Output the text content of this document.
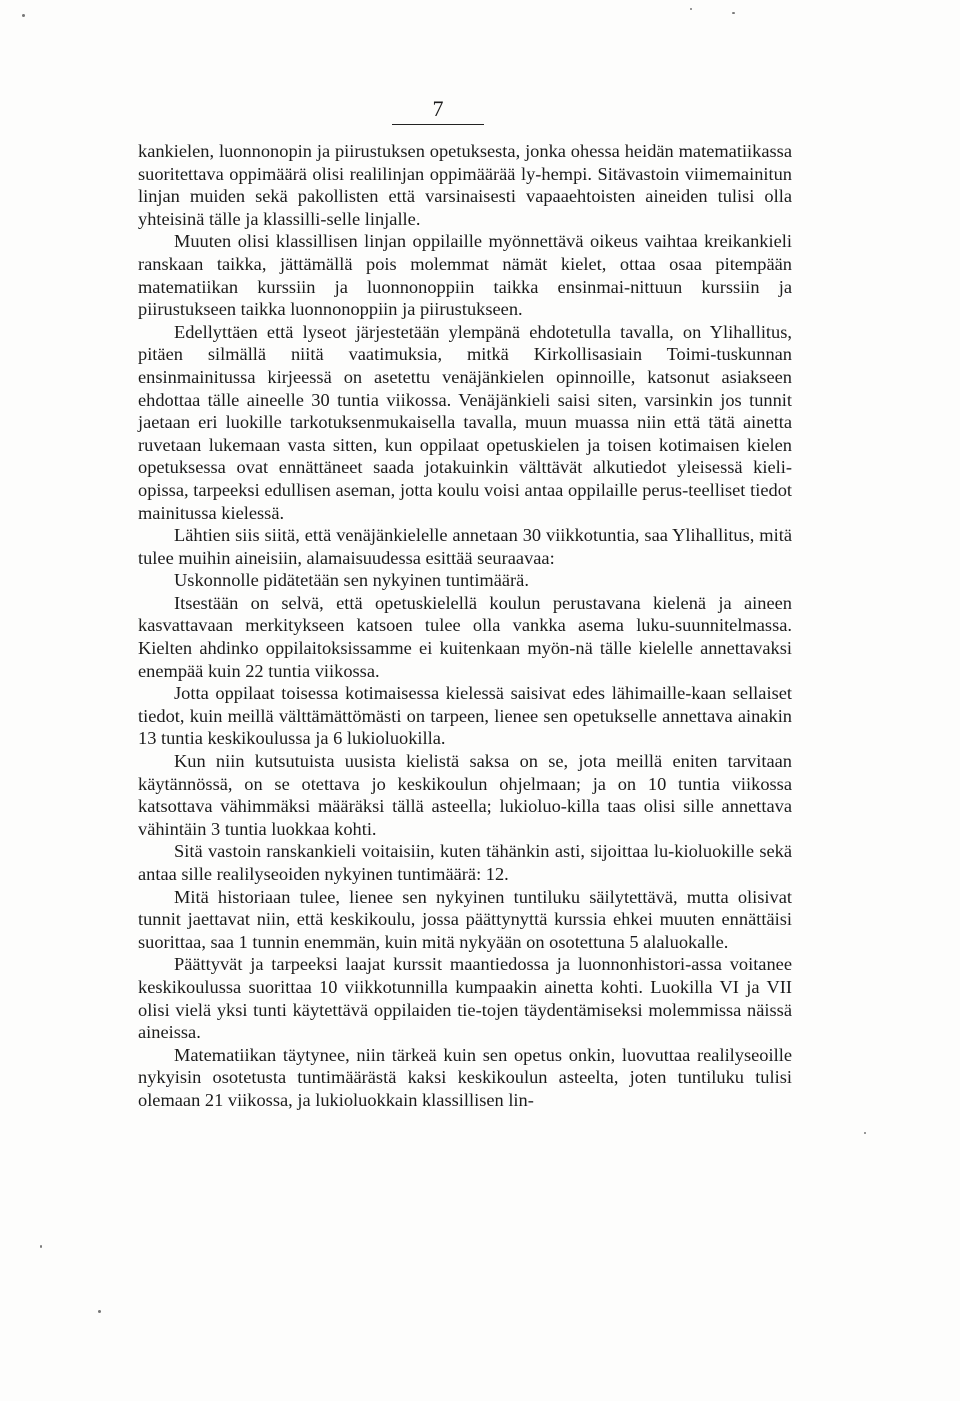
7

kankielen, luonnonopin ja piirustuksen opetuksesta, jonka ohessa heidän matematiikassa suoritettava oppimäärä olisi realilinjan oppimäärää ly-hempi. Sitävastoin viimemainitun linjan muiden sekä pakollisten että varsinaisesti vapaaehtoisten aineiden tulisi olla yhteisinä tälle ja klassilli-selle linjalle.

Muuten olisi klassillisen linjan oppilaille myönnettävä oikeus vaihtaa kreikankieli ranskaan taikka, jättämällä pois molemmat nämät kielet, ottaa osaa pitempään matematiikan kurssiin ja luonnonoppiin taikka ensinmai-nittuun kurssiin ja piirustukseen taikka luonnonoppiin ja piirustukseen.

Edellyttäen että lyseot järjestetään ylempänä ehdotetulla tavalla, on Ylihallitus, pitäen silmällä niitä vaatimuksia, mitkä Kirkollisasiain Toimi-tuskunnan ensinmainitussa kirjeessä on asetettu venäjänkielen opinnoille, katsonut asiakseen ehdottaa tälle aineelle 30 tuntia viikossa. Venäjänkieli saisi siten, varsinkin jos tunnit jaetaan eri luokille tarkotuksenmukaisella tavalla, muun muassa niin että tätä ainetta ruvetaan lukemaan vasta sitten, kun oppilaat opetuskielen ja toisen kotimaisen kielen opetuksessa ovat ennättäneet saada jotakuinkin välttävät alkutiedot yleisessä kieli-opissa, tarpeeksi edullisen aseman, jotta koulu voisi antaa oppilaille perus-teelliset tiedot mainitussa kielessä.

Lähtien siis siitä, että venäjänkielelle annetaan 30 viikkotuntia, saa Ylihallitus, mitä tulee muihin aineisiin, alamaisuudessa esittää seuraavaa:

Uskonnolle pidätetään sen nykyinen tuntimäärä.

Itsestään on selvä, että opetuskielellä koulun perustavana kielenä ja aineen kasvattavaan merkitykseen katsoen tulee olla vankka asema luku-suunnitelmassa. Kielten ahdinko oppilaitoksissamme ei kuitenkaan myön-nä tälle kielelle annettavaksi enempää kuin 22 tuntia viikossa.

Jotta oppilaat toisessa kotimaisessa kielessä saisivat edes lähimaille-kaan sellaiset tiedot, kuin meillä välttämättömästi on tarpeen, lienee sen opetukselle annettava ainakin 13 tuntia keskikoulussa ja 6 lukioluokilla.

Kun niin kutsutuista uusista kielistä saksa on se, jota meillä eniten tarvitaan käytännössä, on se otettava jo keskikoulun ohjelmaan; ja on 10 tuntia viikossa katsottava vähimmäksi määräksi tällä asteella; lukioluo-killa taas olisi sille annettava vähintäin 3 tuntia luokkaa kohti.

Sitä vastoin ranskankieli voitaisiin, kuten tähänkin asti, sijoittaa lu-kioluokille sekä antaa sille realilyseoiden nykyinen tuntimäärä: 12.

Mitä historiaan tulee, lienee sen nykyinen tuntiluku säilytettävä, mutta olisivat tunnit jaettavat niin, että keskikoulu, jossa päättynyttä kurssia ehkei muuten ennättäisi suorittaa, saa 1 tunnin enemmän, kuin mitä nykyään on osotettuna 5 alaluokalle.

Päättyvät ja tarpeeksi laajat kurssit maantiedossa ja luonnonhistori-assa voitanee keskikoulussa suorittaa 10 viikkotunnilla kumpaakin ainetta kohti. Luokilla VI ja VII olisi vielä yksi tunti käytettävä oppilaiden tie-tojen täydentämiseksi molemmissa näissä aineissa.

Matematiikan täytynee, niin tärkeä kuin sen opetus onkin, luovuttaa realilyseoille nykyisin osotetusta tuntimäärästä kaksi keskikoulun asteelta, joten tuntiluku tulisi olemaan 21 viikossa, ja lukioluokkain klassillisen lin-
